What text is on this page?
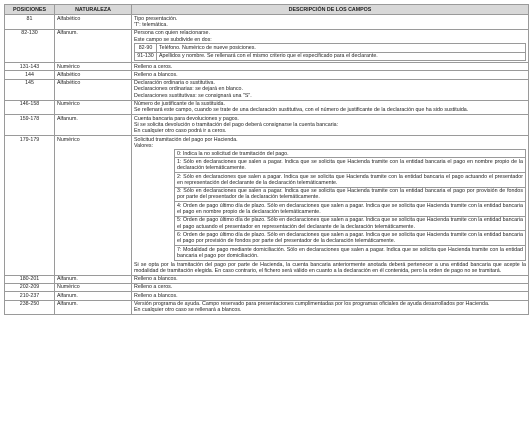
POSICIONES	NATURALEZA	DESCRIPCIÓN DE LOS CAMPOS
81	Alfabético	Tipo presentación.
'T': telemática.

82-130	Alfanum.	Persona con quien relacionarse.
Este campo se subdivide en dos:
82-90	Teléfono. Numérico de nueve posiciones.
91-130	Apellidos y nombre. Se rellenará con el mismo criterio que el especificado para el declarante.

131-143	Numérico	Relleno a ceros.

144	Alfabético	Relleno a blancos.

145	Alfabético	Declaración ordinaria o sustitutiva.
Declaraciones ordinarias: se dejará en blanco.
Declaraciones sustitutivas: se consignará una "S".

146-158	Numérico	Número de justificante de la sustituida.
Se rellenará este campo, cuando se trate de una declaración sustitutiva, con el número de justificante de la declaración que ha sido sustituida.

159-178	Alfanum.	Cuenta bancaria para devoluciones y pagos.
Si se solicita devolución o tramitación del pago deberá consignarse la cuenta bancaria:
En cualquier otro caso podrá ir a ceros.

179-179	Numérico	Solicitud tramitación del pago por Hacienda.
Valores:
0: Indica la no solicitud de tramitación del pago.
1: Sólo en declaraciones que salen a pagar. Indica que se solicita que Hacienda tramite con la entidad bancaria el pago en nombre propio de la declaración telemáticamente.
2: Sólo en declaraciones que salen a pagar. Indica que se solicita que Hacienda tramite con la entidad bancaria el pago actuando el presentador en representación del declarante de la declaración telemáticamente.
3: Sólo en declaraciones que salen a pagar. Indica que se solicita que Hacienda tramite con la entidad bancaria el pago por provisión de fondos por parte del presentador de la declaración telemáticamente.
4: Orden de pago último día de plazo. Sólo en declaraciones que salen a pagar. Indica que se solicita que Hacienda tramite con la entidad bancaria el pago en nombre propio de la declaración telemáticamente.
5: Orden de pago último día de plazo. Sólo en declaraciones que salen a pagar. Indica que se solicita que Hacienda tramite con la entidad bancaria el pago actuando el presentador en representación del declarante de la declaración telemáticamente.
6: Orden de pago último día de plazo. Sólo en declaraciones que salen a pagar. Indica que se solicita que Hacienda tramite con la entidad bancaria el pago por provisión de fondos por parte del presentador de la declaración telemáticamente.
7: Modalidad de pago mediante domiciliación. Sólo en declaraciones que salen a pagar. Indica que se solicita que Hacienda tramite con la entidad bancaria el pago por domiciliación.
Si se opta por la tramitación del pago por parte de Hacienda, la cuenta bancaria anteriormente anotada deberá pertenecer a una entidad bancaria que acepte la modalidad de tramitación elegida. En caso contrario, el fichero será válido en cuanto a la declaración en él contenida, pero la orden de pago no se tramitará.

180-201	Alfanum.	Relleno a blancos.

202-209	Numérico	Relleno a ceros.

210-237	Alfanum.	Relleno a blancos.

238-250	Alfanum.	Versión programa de ayuda. Campo reservado para presentaciones cumplimentadas por los programas oficiales de ayuda desarrollados por Hacienda.
En cualquier otro caso se rellenará a blancos.
